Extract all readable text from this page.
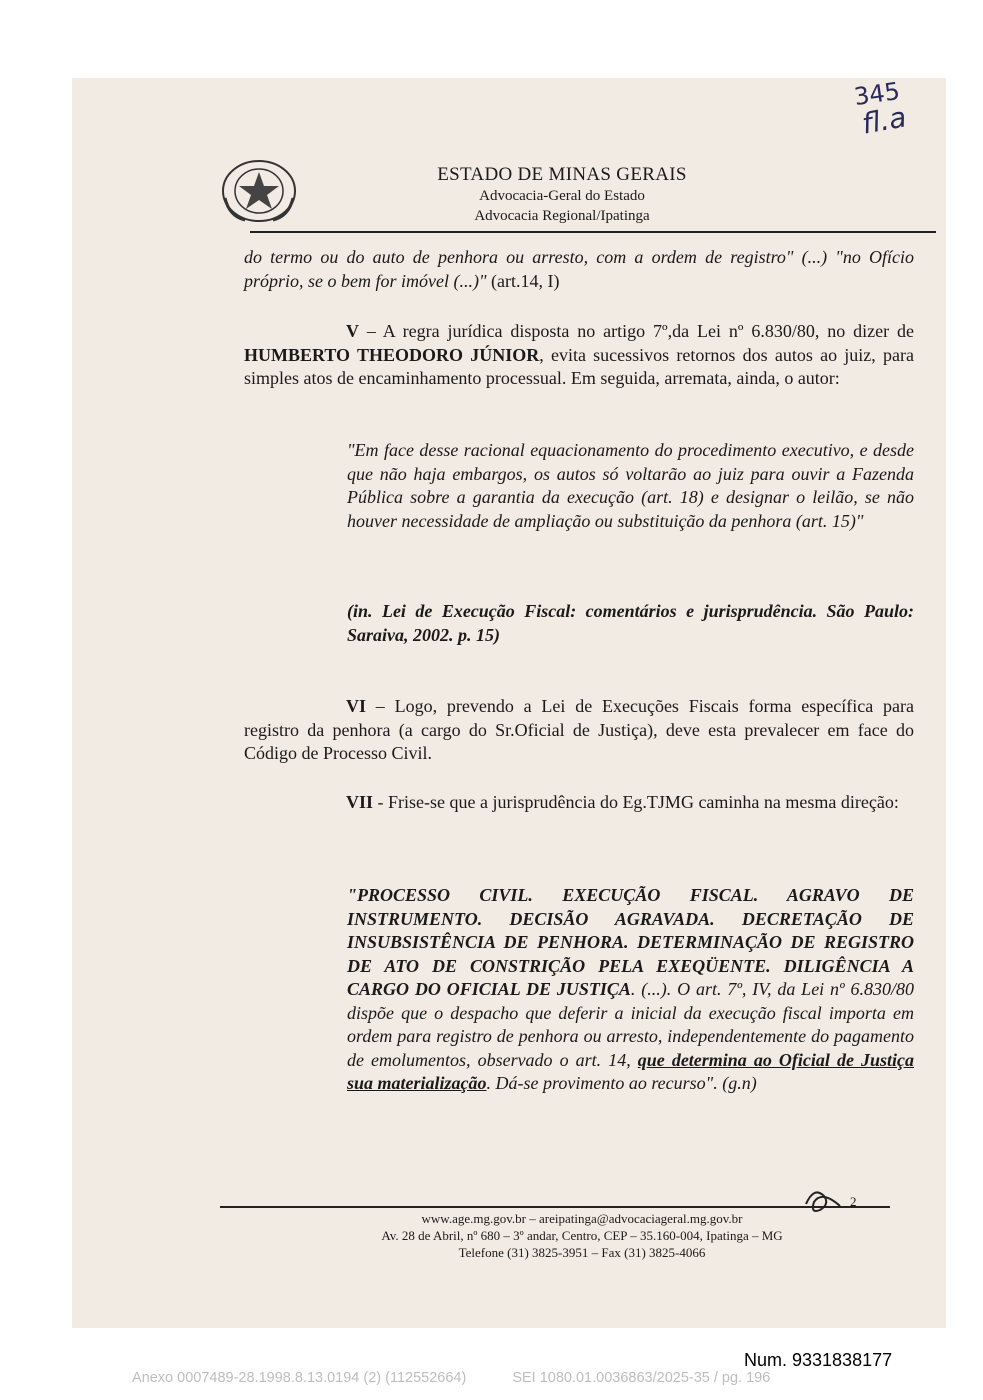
ESTADO DE MINAS GERAIS
Advocacia-Geral do Estado
Advocacia Regional/Ipatinga
345
fl.a

do termo ou do auto de penhora ou arresto, com a ordem de registro" (...) "no Ofício próprio, se o bem for imóvel (...)" (art.14, I)

V – A regra jurídica disposta no artigo 7º,da Lei nº 6.830/80, no dizer de HUMBERTO THEODORO JÚNIOR, evita sucessivos retornos dos autos ao juiz, para simples atos de encaminhamento processual. Em seguida, arremata, ainda, o autor:

"Em face desse racional equacionamento do procedimento executivo, e desde que não haja embargos, os autos só voltarão ao juiz para ouvir a Fazenda Pública sobre a garantia da execução (art. 18) e designar o leilão, se não houver necessidade de ampliação ou substituição da penhora (art. 15)"

(in. Lei de Execução Fiscal: comentários e jurisprudência. São Paulo: Saraiva, 2002. p. 15)

VI – Logo, prevendo a Lei de Execuções Fiscais forma específica para registro da penhora (a cargo do Sr.Oficial de Justiça), deve esta prevalecer em face do Código de Processo Civil.

VII - Frise-se que a jurisprudência do Eg.TJMG caminha na mesma direção:

"PROCESSO CIVIL. EXECUÇÃO FISCAL. AGRAVO DE INSTRUMENTO. DECISÃO AGRAVADA. DECRETAÇÃO DE INSUBSISTÊNCIA DE PENHORA. DETERMINAÇÃO DE REGISTRO DE ATO DE CONSTRIÇÃO PELA EXEQÜENTE. DILIGÊNCIA A CARGO DO OFICIAL DE JUSTIÇA. (...). O art. 7º, IV, da Lei nº 6.830/80 dispõe que o despacho que deferir a inicial da execução fiscal importa em ordem para registro de penhora ou arresto, independentemente do pagamento de emolumentos, observado o art. 14, que determina ao Oficial de Justiça sua materialização. Dá-se provimento ao recurso". (g.n)

2
www.age.mg.gov.br – areipatinga@advocaciageral.mg.gov.br
Av. 28 de Abril, nº 680 – 3º andar, Centro, CEP – 35.160-004, Ipatinga – MG
Telefone (31) 3825-3951 – Fax (31) 3825-4066
Num. 9331838177
Anexo 0007489-28.1998.8.13.0194 (2) (112552664)	SEI 1080.01.0036863/2025-35 / pg. 196
